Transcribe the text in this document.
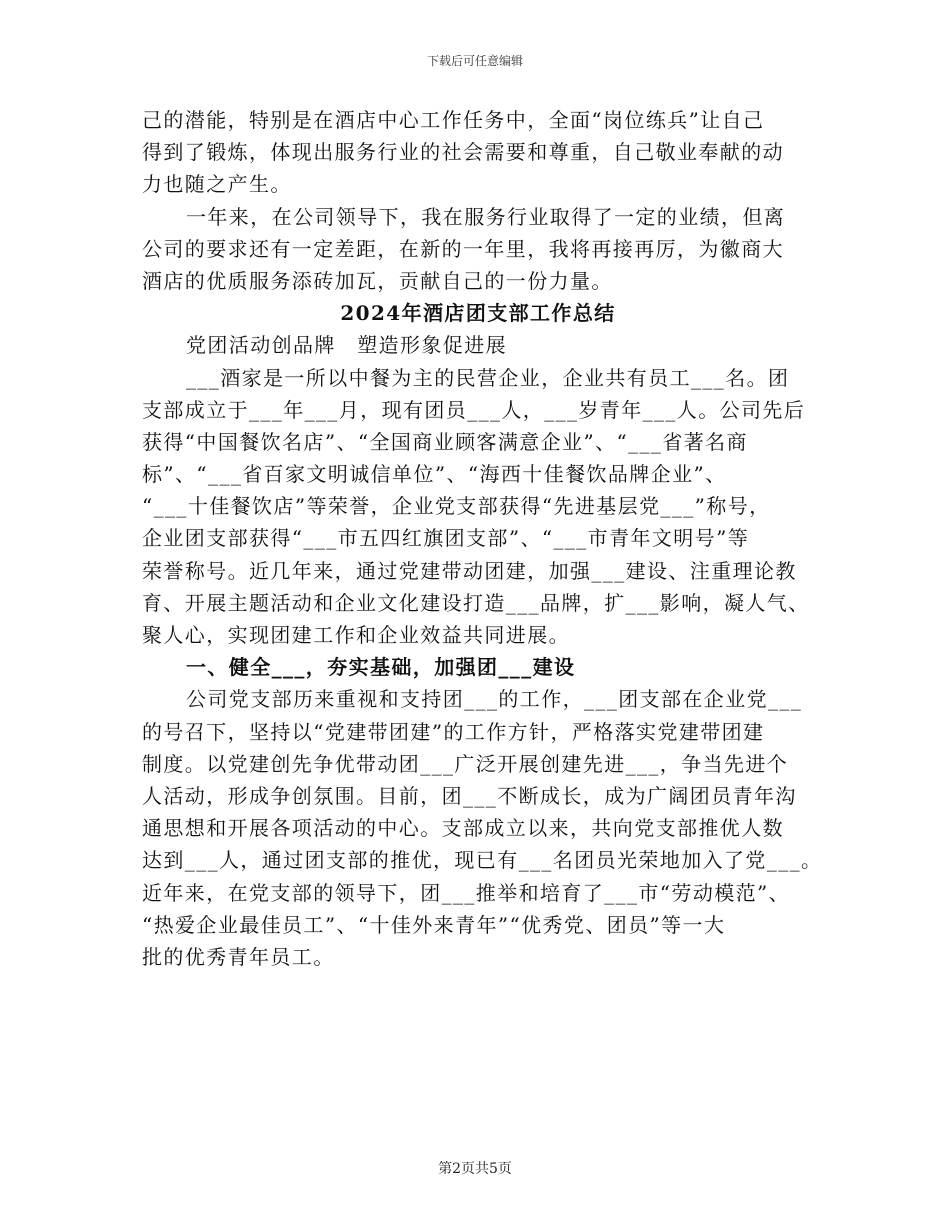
下载后可任意编辑
己的潜能，特别是在酒店中心工作任务中，全面“岗位练兵”让自己
得到了锻炼，体现出服务行业的社会需要和尊重，自己敬业奉献的动
力也随之产生。
一年来，在公司领导下，我在服务行业取得了一定的业绩，但离
公司的要求还有一定差距，在新的一年里，我将再接再厉，为徽商大
酒店的优质服务添砖加瓦，贡献自己的一份力量。
2024年酒店团支部工作总结
党团活动创品牌　塑造形象促进展
___酒家是一所以中餐为主的民营企业，企业共有员工___名。团
支部成立于___年___月，现有团员___人，___岁青年___人。公司先后
获得“中国餐饮名店”、“全国商业顾客满意企业”、“___省著名商
标”、“___省百家文明诚信单位”、“海西十佳餐饮品牌企业”、
“___十佳餐饮店”等荣誉，企业党支部获得“先进基层党___”称号，
企业团支部获得“___市五四红旗团支部”、“___市青年文明号”等
荣誉称号。近几年来，通过党建带动团建，加强___建设、注重理论教
育、开展主题活动和企业文化建设打造___品牌，扩___影响，凝人气、
聚人心，实现团建工作和企业效益共同进展。
一、健全___，夯实基础，加强团___建设
公司党支部历来重视和支持团___的工作，___团支部在企业党___
的号召下，坚持以“党建带团建”的工作方针，严格落实党建带团建
制度。以党建创先争优带动团___广泛开展创建先进___，争当先进个
人活动，形成争创氛围。目前，团___不断成长，成为广阔团员青年沟
通思想和开展各项活动的中心。支部成立以来，共向党支部推优人数
达到___人，通过团支部的推优，现已有___名团员光荣地加入了党___。
近年来，在党支部的领导下，团___推举和培育了___市“劳动模范”、
“热爱企业最佳员工”、“十佳外来青年”“优秀党、团员”等一大
批的优秀青年员工。
第2页共5页
